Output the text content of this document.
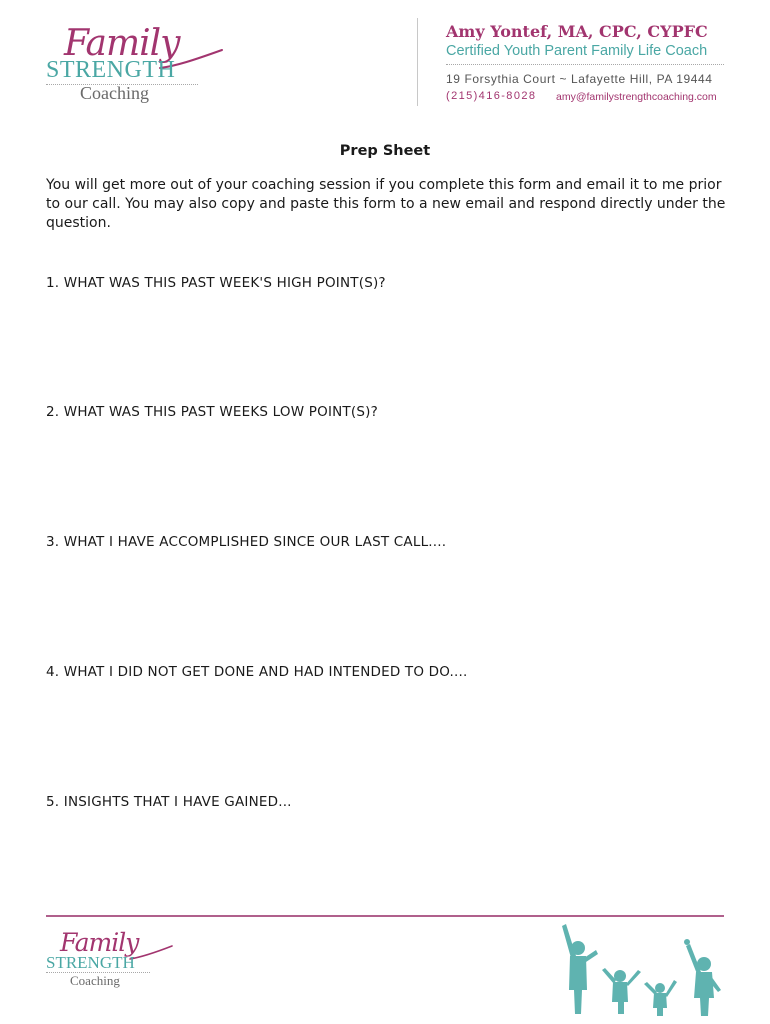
Family
STRENGTH
Coaching
Amy Yontef, MA, CPC, CYPFC
Certified Youth Parent Family Life Coach
19 Forsythia Court ~ Lafayette Hill, PA 19444
(215)416-8028 amy@familystrengthcoaching.com
Prep Sheet
You will get more out of your coaching session if you complete this form and email it to me prior to our call. You may also copy and paste this form to a new email and respond directly under the question.
1. WHAT WAS THIS PAST WEEK'S HIGH POINT(S)?
2. WHAT WAS THIS PAST WEEKS LOW POINT(S)?
3. WHAT I HAVE ACCOMPLISHED SINCE OUR LAST CALL....
4. WHAT I DID NOT GET DONE AND HAD INTENDED TO DO....
5. INSIGHTS THAT I HAVE GAINED...
Family
STRENGTH
Coaching
